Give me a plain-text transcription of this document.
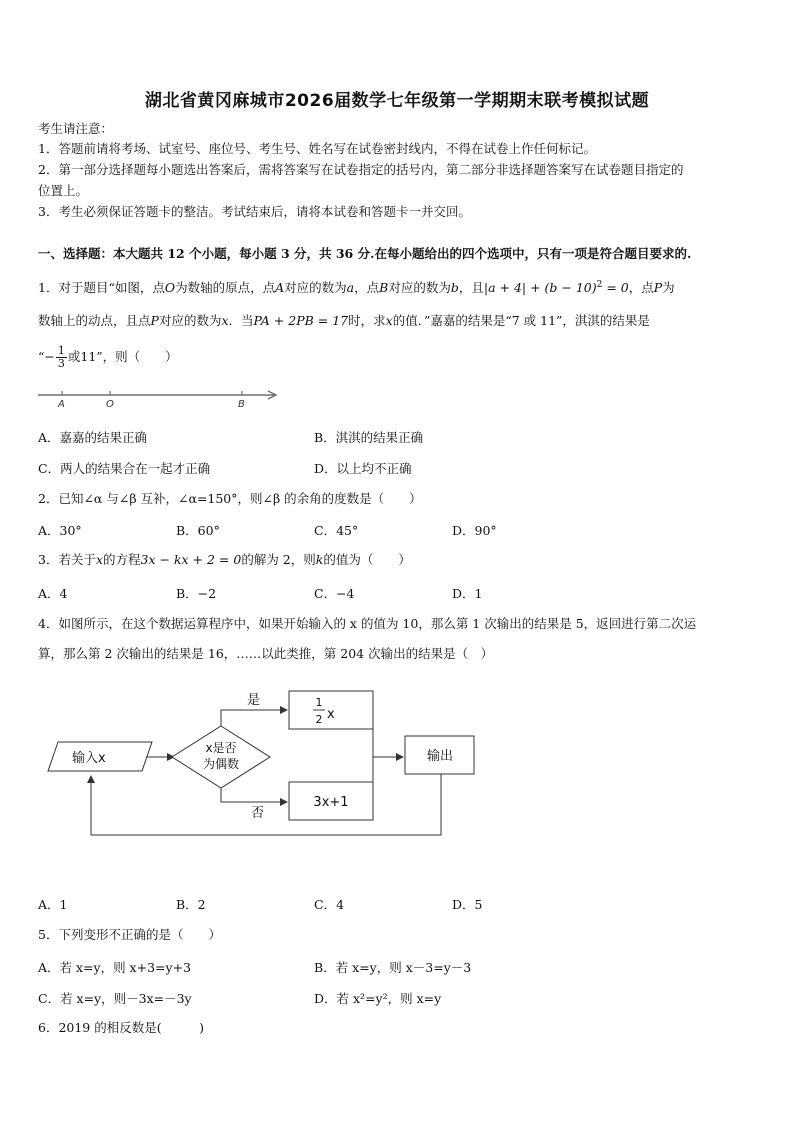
湖北省黄冈麻城市2026届数学七年级第一学期期末联考模拟试题
考生请注意：
1．答题前请将考场、试室号、座位号、考生号、姓名写在试卷密封线内，不得在试卷上作任何标记。
2．第一部分选择题每小题选出答案后，需将答案写在试卷指定的括号内，第二部分非选择题答案写在试卷题目指定的
位置上。
3．考生必须保证答题卡的整洁。考试结束后，请将本试卷和答题卡一并交回。
一、选择题：本大题共 12 个小题，每小题 3 分，共 36 分.在每小题给出的四个选项中，只有一项是符合题目要求的.
1．对于题目“如图，点O为数轴的原点，点A对应的数为a，点B对应的数为b，且$|a + 4| + (b - 10)^2 = 0$，点P为
数轴上的动点，且点P对应的数为x．当PA + 2PB = 17时，求x的值．”嘉嘉的结果是“7 或 11”，淇淇的结果是
“− $\frac{1}{3}$ 或11”，则（　　）
A	O	B
A．嘉嘉的结果正确	B．淇淇的结果正确
C．两人的结果合在一起才正确	D．以上均不正确
2．已知∠α 与∠β 互补，∠α=150°，则∠β 的余角的度数是（　　）
A．30°	B．60°	C．45°	D．90°
3．若关于x的方程3x − kx + 2 = 0的解为 2，则k的值为（　　）
A．4	B．−2	C．−4	D．1
4．如图所示，在这个数据运算程序中，如果开始输入的 x 的值为 10，那么第 1 次输出的结果是 5，返回进行第二次运
算，那么第 2 次输出的结果是 16，……以此类推，第 204 次输出的结果是（　）
输入x
x是否
为偶数
是	1
2 x
否
3x+1
输出
A．1	B．2	C．4	D．5
5．下列变形不正确的是（　　）
A．若 x=y，则 x+3=y+3	B．若 x=y，则 x－3=y－3
C．若 x=y，则－3x=－3y	D．若 x²=y²，则 x=y
6．2019 的相反数是(　　　)
